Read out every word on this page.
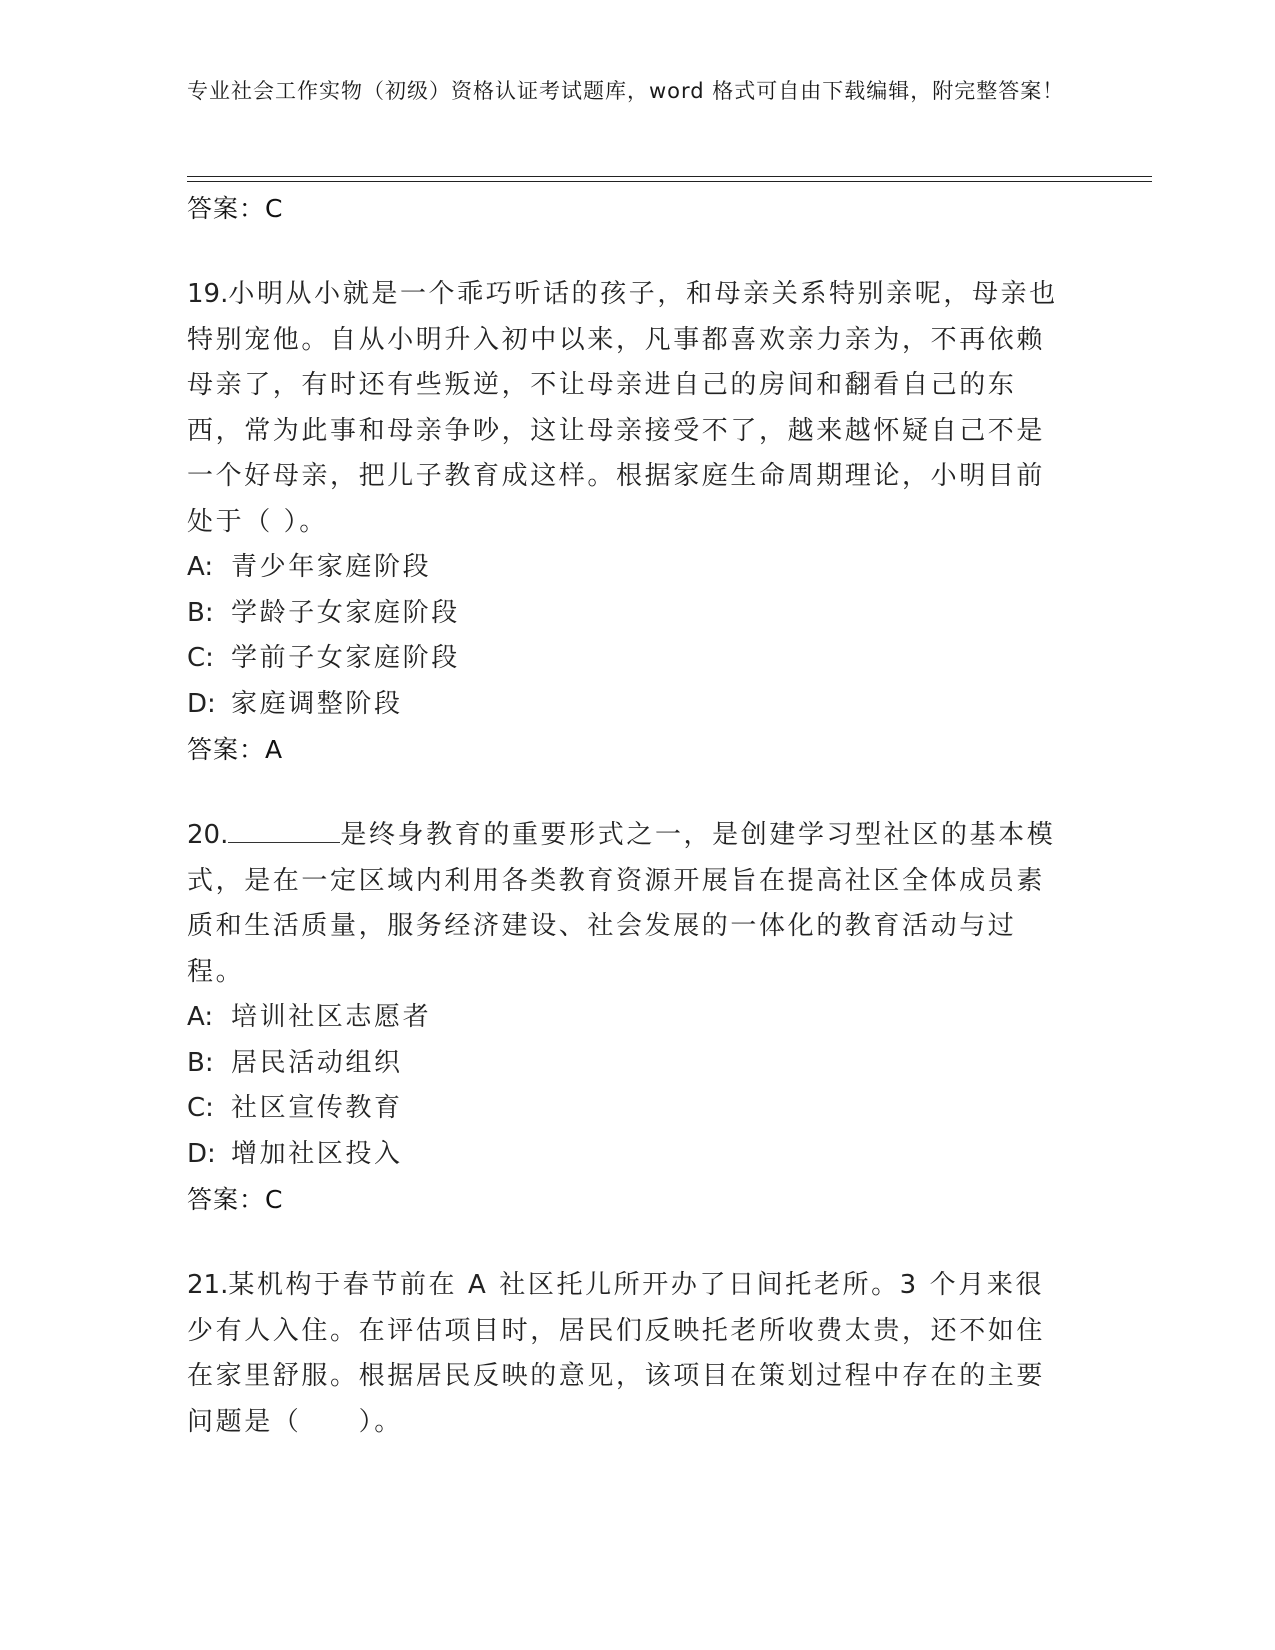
专业社会工作实物（初级）资格认证考试题库，word 格式可自由下载编辑，附完整答案！
答案：C

19.小明从小就是一个乖巧听话的孩子，和母亲关系特别亲呢，母亲也特别宠他。自从小明升入初中以来，凡事都喜欢亲力亲为，不再依赖母亲了，有时还有些叛逆，不让母亲进自己的房间和翻看自己的东西，常为此事和母亲争吵，这让母亲接受不了，越来越怀疑自己不是一个好母亲，把儿子教育成这样。根据家庭生命周期理论，小明目前处于（ ）。

A: 青少年家庭阶段
B: 学龄子女家庭阶段
C: 学前子女家庭阶段
D: 家庭调整阶段
答案：A

20.	是终身教育的重要形式之一，是创建学习型社区的基本模式，是在一定区域内利用各类教育资源开展旨在提高社区全体成员素质和生活质量，服务经济建设、社会发展的一体化的教育活动与过程。

A: 培训社区志愿者
B: 居民活动组织
C: 社区宣传教育
D: 增加社区投入
答案：C

21.某机构于春节前在 A 社区托儿所开办了日间托老所。3 个月来很少有人入住。在评估项目时，居民们反映托老所收费太贵，还不如住在家里舒服。根据居民反映的意见，该项目在策划过程中存在的主要问题是（　　）。
